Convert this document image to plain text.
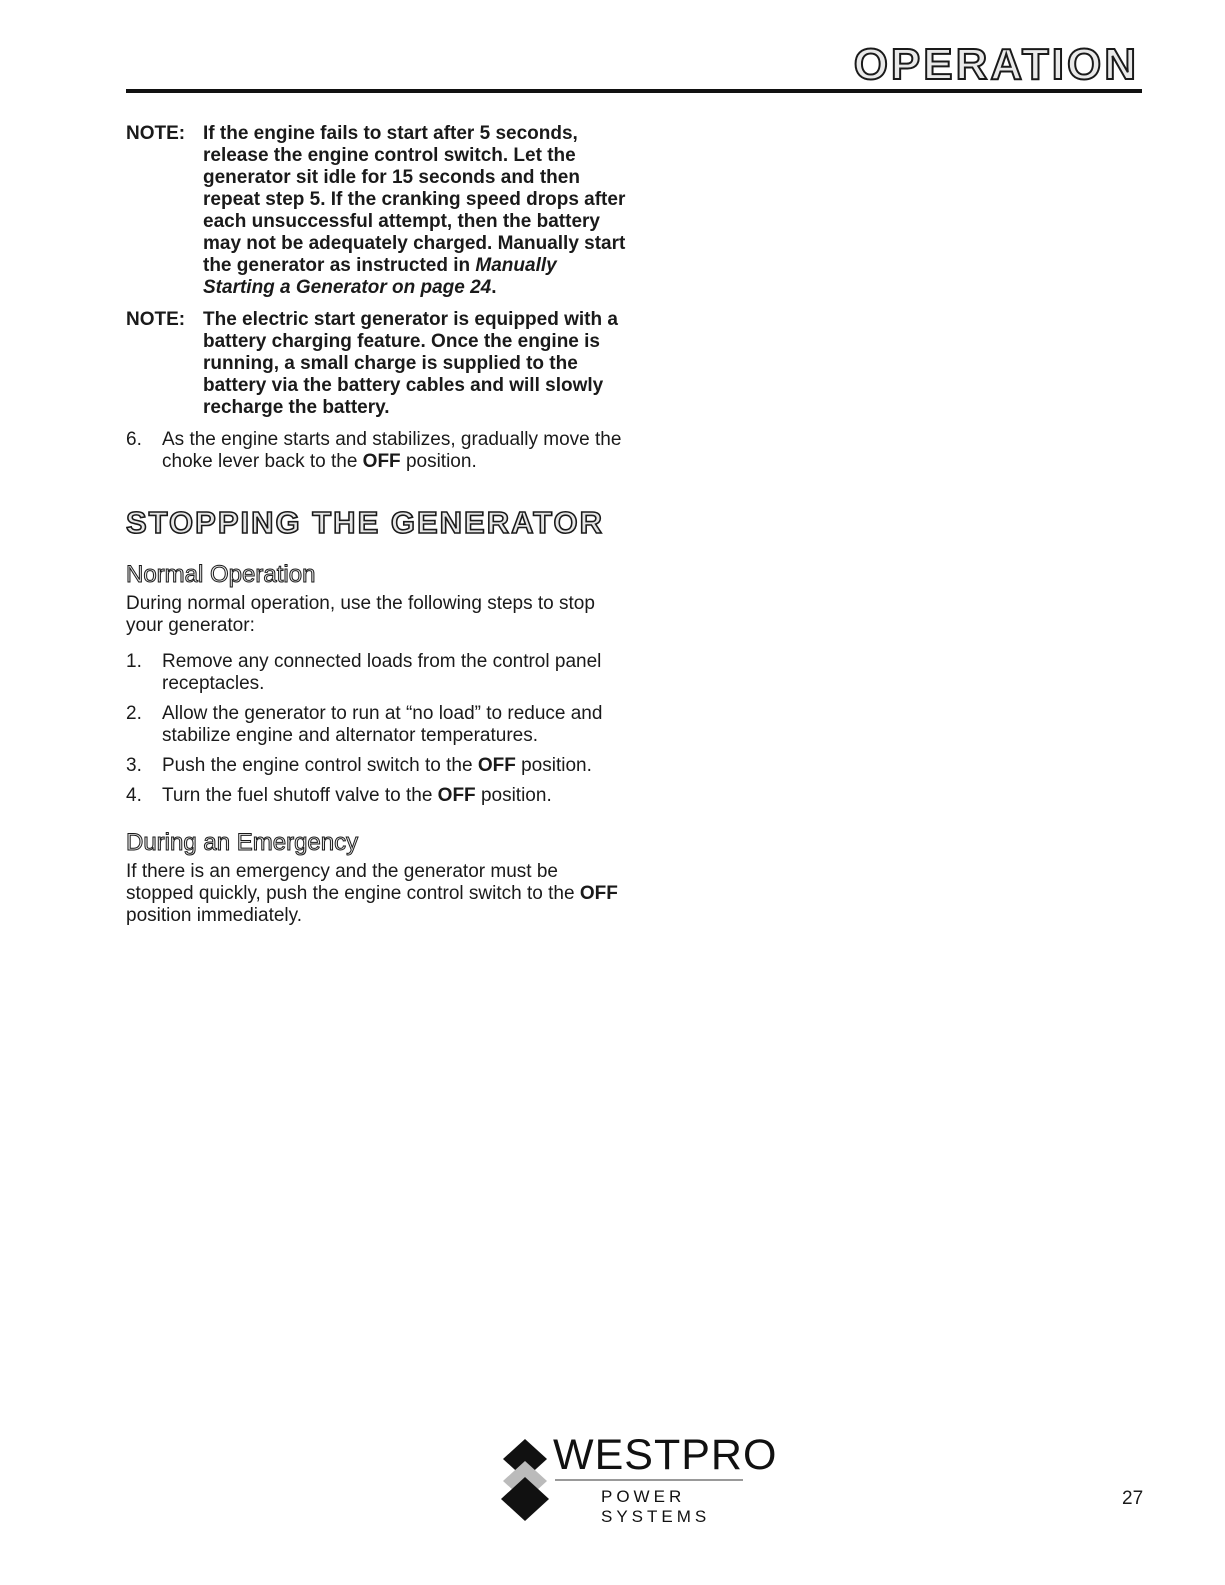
OPERATION
NOTE: If the engine fails to start after 5 seconds, release the engine control switch. Let the generator sit idle for 15 seconds and then repeat step 5. If the cranking speed drops after each unsuccessful attempt, then the battery may not be adequately charged. Manually start the generator as instructed in Manually Starting a Generator on page 24.
NOTE: The electric start generator is equipped with a battery charging feature. Once the engine is running, a small charge is supplied to the battery via the battery cables and will slowly recharge the battery.
6.	As the engine starts and stabilizes, gradually move the choke lever back to the OFF position.
STOPPING THE GENERATOR
Normal Operation
During normal operation, use the following steps to stop your generator:
1.	Remove any connected loads from the control panel receptacles.
2.	Allow the generator to run at “no load” to reduce and stabilize engine and alternator temperatures.
3.	Push the engine control switch to the OFF position.
4.	Turn the fuel shutoff valve to the OFF position.
During an Emergency
If there is an emergency and the generator must be stopped quickly, push the engine control switch to the OFF position immediately.
WESTPRO
POWER SYSTEMS
27
